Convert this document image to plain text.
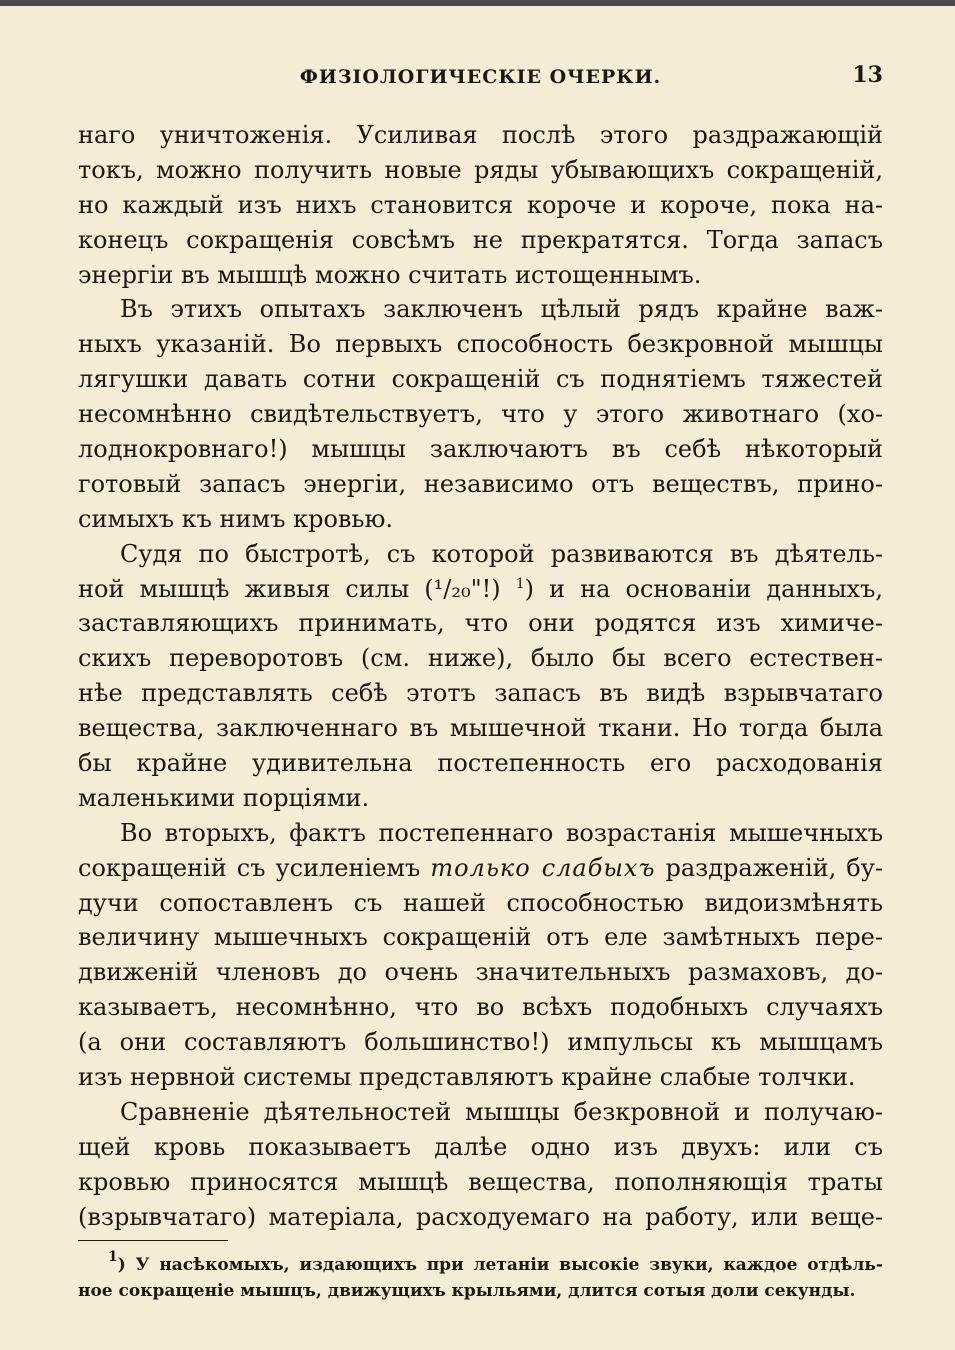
ФИЗІОЛОГИЧЕСКІЕ ОЧЕРКИ.	13
наго уничтоженія. Усиливая послѣ этого раздражающій
токъ, можно получить новые ряды убывающихъ сокращеній,
но каждый изъ нихъ становится короче и короче, пока на-
конецъ сокращенія совсѣмъ не прекратятся. Тогда запасъ
энергіи въ мышцѣ можно считать истощеннымъ.
Въ этихъ опытахъ заключенъ цѣлый рядъ крайне важ-
ныхъ указаній. Во первыхъ способность безкровной мышцы
лягушки давать сотни сокращеній съ поднятіемъ тяжестей
несомнѣнно свидѣтельствуетъ, что у этого животнаго (хо-
лоднокровнаго!) мышцы заключаютъ въ себѣ нѣкоторый
готовый запасъ энергіи, независимо отъ веществъ, прино-
симыхъ къ нимъ кровью.
Судя по быстротѣ, съ которой развиваются въ дѣятель-
ной мышцѣ живыя силы (¹/₂₀"!) $^1$) и на основаніи данныхъ,
заставляющихъ принимать, что они родятся изъ химиче-
скихъ переворотовъ (см. ниже), было бы всего естествен-
нѣе представлять себѣ этотъ запасъ въ видѣ взрывчатаго
вещества, заключеннаго въ мышечной ткани. Но тогда была
бы крайне удивительна постепенность его расходованія
маленькими порціями.
Во вторыхъ, фактъ постепеннаго возрастанія мышечныхъ
сокращеній съ усиленіемъ только слабыхъ раздраженій, бу-
дучи сопоставленъ съ нашей способностью видоизмѣнять
величину мышечныхъ сокращеній отъ еле замѣтныхъ пере-
движеній членовъ до очень значительныхъ размаховъ, до-
казываетъ, несомнѣнно, что во всѣхъ подобныхъ случаяхъ
(а они составляютъ большинство!) импульсы къ мышцамъ
изъ нервной системы представляютъ крайне слабые толчки.
Сравненіе дѣятельностей мышцы безкровной и получаю-
щей кровь показываетъ далѣе одно изъ двухъ: или съ
кровью приносятся мышцѣ вещества, пополняющія траты
(взрывчатаго) матеріала, расходуемаго на работу, или веще-
$^1$) У насѣкомыхъ, издающихъ при летаніи высокіе звуки, каждое отдѣль-
ное сокращеніе мышцъ, движущихъ крыльями, длится сотыя доли секунды.
